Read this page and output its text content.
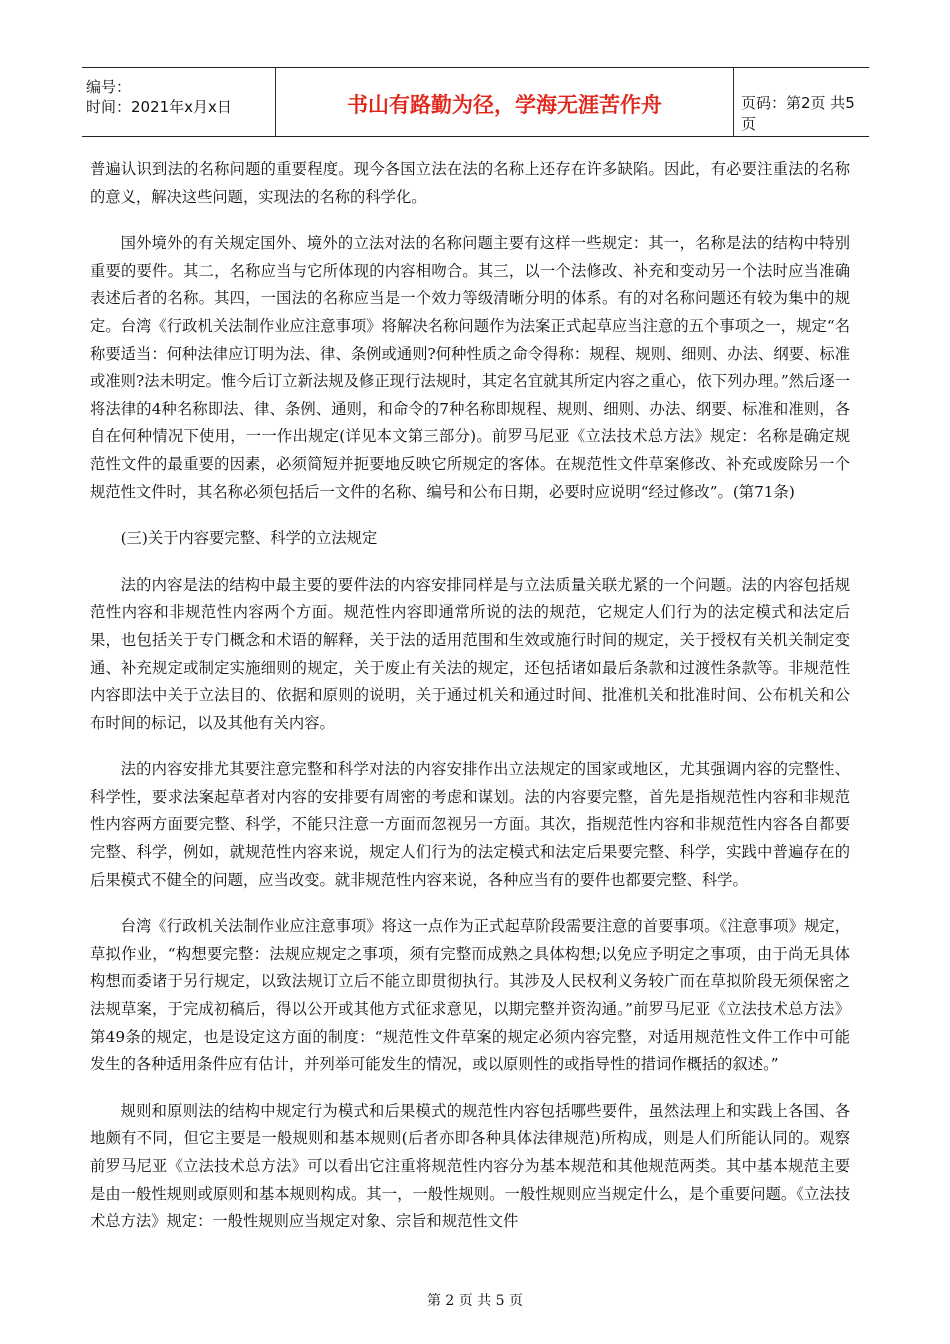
编号：
时间：2021年x月x日	书山有路勤为径，学海无涯苦作舟	页码：第2页 共5页

普遍认识到法的名称问题的重要程度。现今各国立法在法的名称上还存在许多缺陷。因此，有必要注重法的名称的意义，解决这些问题，实现法的名称的科学化。

国外境外的有关规定国外、境外的立法对法的名称问题主要有这样一些规定：其一，名称是法的结构中特别重要的要件。其二，名称应当与它所体现的内容相吻合。其三，以一个法修改、补充和变动另一个法时应当准确表述后者的名称。其四，一国法的名称应当是一个效力等级清晰分明的体系。有的对名称问题还有较为集中的规定。台湾《行政机关法制作业应注意事项》将解决名称问题作为法案正式起草应当注意的五个事项之一，规定“名称要适当：何种法律应订明为法、律、条例或通则?何种性质之命令得称：规程、规则、细则、办法、纲要、标准或准则?法未明定。惟今后订立新法规及修正现行法规时，其定名宜就其所定内容之重心，依下列办理。”然后逐一将法律的4种名称即法、律、条例、通则，和命令的7种名称即规程、规则、细则、办法、纲要、标准和准则，各自在何种情况下使用，一一作出规定(详见本文第三部分)。前罗马尼亚《立法技术总方法》规定：名称是确定规范性文件的最重要的因素，必须简短并扼要地反映它所规定的客体。在规范性文件草案修改、补充或废除另一个规范性文件时，其名称必须包括后一文件的名称、编号和公布日期，必要时应说明“经过修改”。(第71条)

(三)关于内容要完整、科学的立法规定

法的内容是法的结构中最主要的要件法的内容安排同样是与立法质量关联尤紧的一个问题。法的内容包括规范性内容和非规范性内容两个方面。规范性内容即通常所说的法的规范，它规定人们行为的法定模式和法定后果，也包括关于专门概念和术语的解释，关于法的适用范围和生效或施行时间的规定，关于授权有关机关制定变通、补充规定或制定实施细则的规定，关于废止有关法的规定，还包括诸如最后条款和过渡性条款等。非规范性内容即法中关于立法目的、依据和原则的说明，关于通过机关和通过时间、批准机关和批准时间、公布机关和公布时间的标记，以及其他有关内容。

法的内容安排尤其要注意完整和科学对法的内容安排作出立法规定的国家或地区，尤其强调内容的完整性、科学性，要求法案起草者对内容的安排要有周密的考虑和谋划。法的内容要完整，首先是指规范性内容和非规范性内容两方面要完整、科学，不能只注意一方面而忽视另一方面。其次，指规范性内容和非规范性内容各自都要完整、科学，例如，就规范性内容来说，规定人们行为的法定模式和法定后果要完整、科学，实践中普遍存在的后果模式不健全的问题，应当改变。就非规范性内容来说，各种应当有的要件也都要完整、科学。

台湾《行政机关法制作业应注意事项》将这一点作为正式起草阶段需要注意的首要事项。《注意事项》规定，草拟作业，“构想要完整：法规应规定之事项，须有完整而成熟之具体构想;以免应予明定之事项，由于尚无具体构想而委诸于另行规定，以致法规订立后不能立即贯彻执行。其涉及人民权利义务较广而在草拟阶段无须保密之法规草案，于完成初稿后，得以公开或其他方式征求意见，以期完整并资沟通。”前罗马尼亚《立法技术总方法》第49条的规定，也是设定这方面的制度：“规范性文件草案的规定必须内容完整，对适用规范性文件工作中可能发生的各种适用条件应有估计，并列举可能发生的情况，或以原则性的或指导性的措词作概括的叙述。”

规则和原则法的结构中规定行为模式和后果模式的规范性内容包括哪些要件，虽然法理上和实践上各国、各地颇有不同，但它主要是一般规则和基本规则(后者亦即各种具体法律规范)所构成，则是人们所能认同的。观察前罗马尼亚《立法技术总方法》可以看出它注重将规范性内容分为基本规范和其他规范两类。其中基本规范主要是由一般性规则或原则和基本规则构成。其一，一般性规则。一般性规则应当规定什么，是个重要问题。《立法技术总方法》规定：一般性规则应当规定对象、宗旨和规范性文件

第 2 页 共 5 页
